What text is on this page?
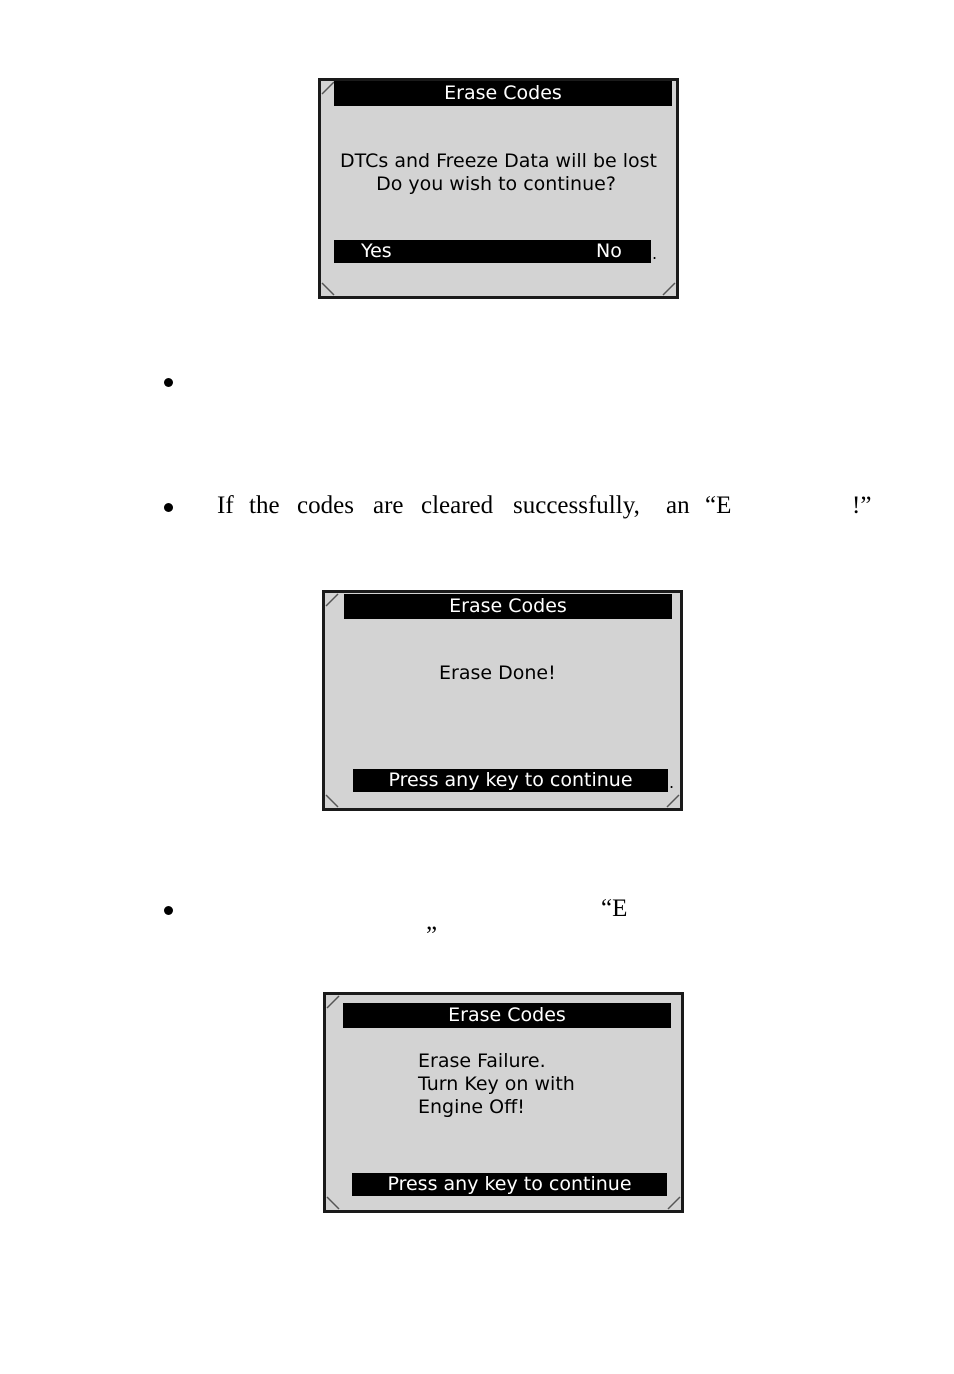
Erase Codes
DTCs and Freeze Data will be lost
Do you wish to continue?
Yes	No .
If the codes are cleared successfully, an “E	!”
Erase Codes
Erase Done!
Press any key to continue	.
“E
”
Erase Codes
Erase Failure.
Turn Key on with
Engine Off!
Press any key to continue
